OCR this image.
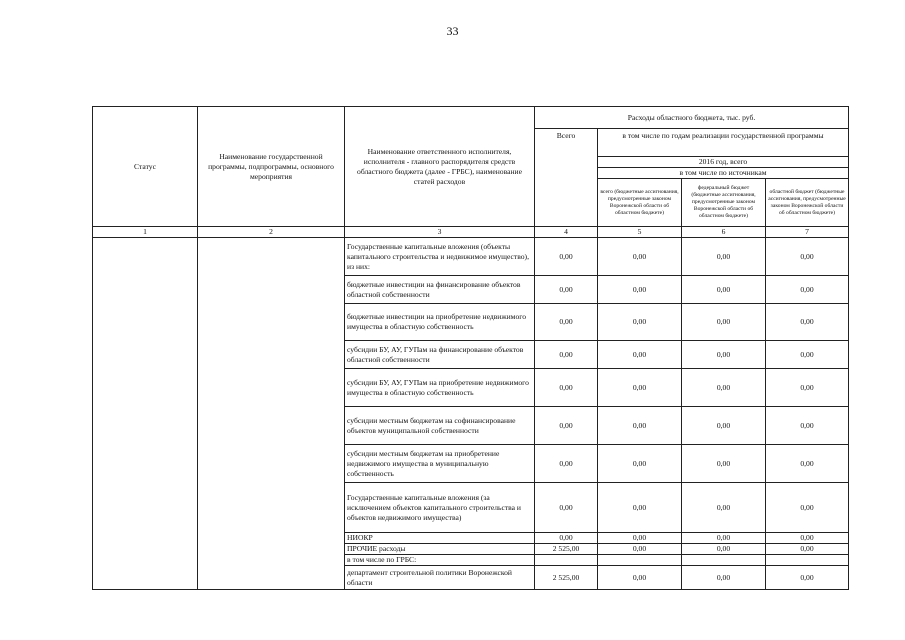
33
Статус	Наименование государственной программы, подпрограммы, основного мероприятия	Наименование ответственного исполнителя, исполнителя - главного распорядителя средств областного бюджета (далее - ГРБС), наименование статей расходов	Расходы областного бюджета, тыс. руб.			
			Всего	в том числе по годам реализации государственной программы		
				2016 год, всего		
				в том числе по источникам		
				всего (бюджетные ассигнования, предусмотренные законом Воронежской области об областном бюджете)	федеральный бюджет (бюджетные ассигнования, предусмотренные законом Воронежской области об областном бюджете)	областной бюджет (бюджетные ассигнования, предусмотренные законом Воронежской области об областном бюджете)
1	2	3	4	5	6	7
		Государственные капитальные вложения (объекты капитального строительства и недвижимое имущество), из них:	0,00	0,00	0,00	0,00
		бюджетные инвестиции на финансирование объектов областной собственности	0,00	0,00	0,00	0,00
		бюджетные инвестиции на приобретение недвижимого имущества в областную собственность	0,00	0,00	0,00	0,00
		субсидии БУ, АУ, ГУПам на финансирование объектов областной собственности	0,00	0,00	0,00	0,00
		субсидии БУ, АУ, ГУПам на приобретение недвижимого имущества в областную собственность	0,00	0,00	0,00	0,00
		субсидии местным бюджетам на софинансирование объектов муниципальной собственности	0,00	0,00	0,00	0,00
		субсидии местным бюджетам на приобретение недвижимого имущества в муниципальную собственность	0,00	0,00	0,00	0,00
		Государственные капитальные вложения (за исключением объектов капитального строительства и объектов недвижимого имущества)	0,00	0,00	0,00	0,00
		НИОКР	0,00	0,00	0,00	0,00
		ПРОЧИЕ расходы	2 525,00	0,00	0,00	0,00
		в том числе по ГРБС:				
		департамент строительной политики Воронежской области	2 525,00	0,00	0,00	0,00
